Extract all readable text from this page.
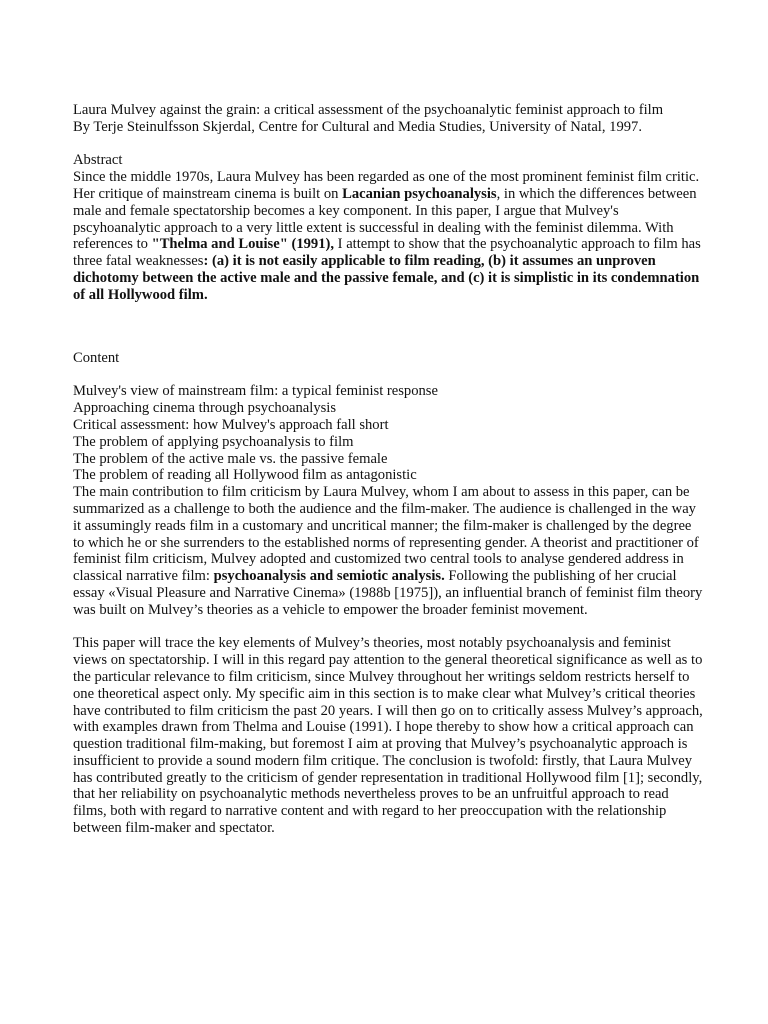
Laura Mulvey against the grain: a critical assessment of the psychoanalytic feminist approach to film

By Terje Steinulfsson Skjerdal, Centre for Cultural and Media Studies, University of Natal, 1997.

Abstract

Since the middle 1970s, Laura Mulvey has been regarded as one of the most prominent feminist film critic. Her critique of mainstream cinema is built on Lacanian psychoanalysis, in which the differences between male and female spectatorship becomes a key component. In this paper, I argue that Mulvey's pscyhoanalytic approach to a very little extent is successful in dealing with the feminist dilemma. With references to "Thelma and Louise" (1991), I attempt to show that the psychoanalytic approach to film has three fatal weaknesses: (a) it is not easily applicable to film reading, (b) it assumes an unproven dichotomy between the active male and the passive female, and (c) it is simplistic in its condemnation of all Hollywood film.

Content

Mulvey's view of mainstream film: a typical feminist response
Approaching cinema through psychoanalysis
Critical assessment: how Mulvey's approach fall short
The problem of applying psychoanalysis to film
The problem of the active male vs. the passive female
The problem of reading all Hollywood film as antagonistic

The main contribution to film criticism by Laura Mulvey, whom I am about to assess in this paper, can be summarized as a challenge to both the audience and the film-maker. The audience is challenged in the way it assumingly reads film in a customary and uncritical manner; the film-maker is challenged by the degree to which he or she surrenders to the established norms of representing gender. A theorist and practitioner of feminist film criticism, Mulvey adopted and customized two central tools to analyse gendered address in classical narrative film: psychoanalysis and semiotic analysis. Following the publishing of her crucial essay «Visual Pleasure and Narrative Cinema» (1988b [1975]), an influential branch of feminist film theory was built on Mulvey’s theories as a vehicle to empower the broader feminist movement.

This paper will trace the key elements of Mulvey’s theories, most notably psychoanalysis and feminist views on spectatorship. I will in this regard pay attention to the general theoretical significance as well as to the particular relevance to film criticism, since Mulvey throughout her writings seldom restricts herself to one theoretical aspect only. My specific aim in this section is to make clear what Mulvey’s critical theories have contributed to film criticism the past 20 years. I will then go on to critically assess Mulvey’s approach, with examples drawn from Thelma and Louise (1991). I hope thereby to show how a critical approach can question traditional film-making, but foremost I aim at proving that Mulvey’s psychoanalytic approach is insufficient to provide a sound modern film critique. The conclusion is twofold: firstly, that Laura Mulvey has contributed greatly to the criticism of gender representation in traditional Hollywood film [1]; secondly, that her reliability on psychoanalytic methods nevertheless proves to be an unfruitful approach to read films, both with regard to narrative content and with regard to her preoccupation with the relationship between film-maker and spectator.
